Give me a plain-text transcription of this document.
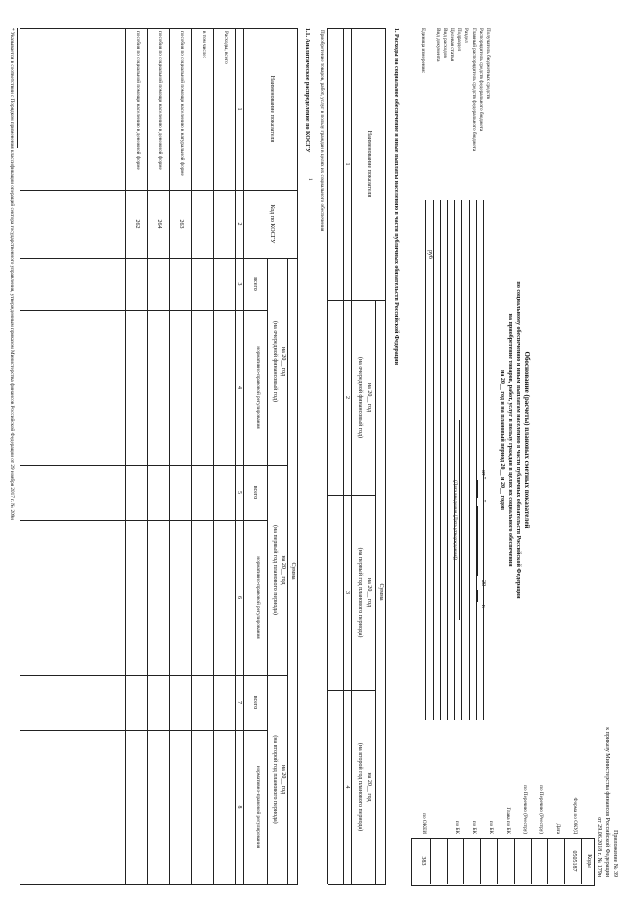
Приложение № 39
к приказу Министерства финансов Российской Федерации
от 29.06.2018 г. № 179н
Обоснование (расчеты) плановых сметных показателей
по социальному обеспечению и иным выплатам населению в части публичных обязательств Российской Федерации
на приобретение товаров, работ, услуг в пользу граждан в целях их социального обеспечения
на 20__ год и на плановый период 20__ и 20__ годов
от "
"
20
г.
(Дата введения (Дата утверждения))
Коды
Форма по ОКУД
0505187
Дата
по Перечню (Реестру)
по Перечню (Реестру)
Глава по БК
по БК
по БК
по БК
по ОКЕИ
383
Получатель бюджетных средств
Распорядитель средств федерального бюджета
Главный распорядитель средств федерального бюджета
Раздел
Подраздел
Целевая статья
Вид расходов
Вид документа
Единица измерения:
руб
1. Расходы на социальное обеспечение и иные выплаты населению в части публичных обязательств Российской Федерации
Наименование показателя
Сумма
на 20__ год
(на очередной финансовый год)
на 20__ год
(на первый год планового периода)
на 20__ год
(на второй год планового периода)
1
2
3
4
Приобретение товаров, работ, услуг в пользу граждан в целях их социального обеспечения
1.1. Аналитическое распределение по КОСГУ
1
Наименование показателя
Код по КОСГУ
Сумма
на 20__ год
(на очередной финансовый год)
на 20__ год
(на первый год планового периода)
на 20__ год
(на второй год планового периода)
всего
нормативно-правовой регулирования
всего
нормативно-правовой регулирования
всего
нормативно-правовой регулирования
1
2
3
4
5
6
7
8
Расходы, всего
в том числе:
пособия по социальной помощи населению в натуральной форме
263
пособия по социальной помощи населению в денежной форме
264
пособия по социальной помощи населению в денежной форме
262
* Указывается в соответствии с Порядком применения классификации операций сектора государственного управления, утвержденным приказом Министерства финансов Российской Федерации от 29 ноября 2017 г. № 209н
